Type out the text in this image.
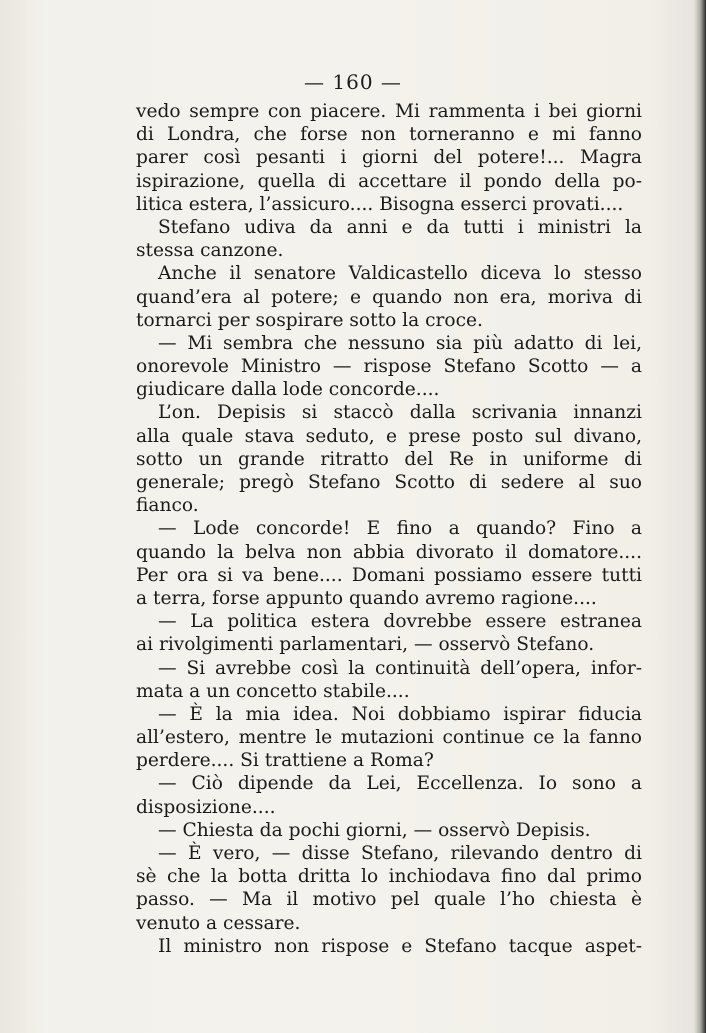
— 160 —
vedo sempre con piacere. Mi rammenta i bei giorni
di Londra, che forse non torneranno e mi fanno
parer così pesanti i giorni del potere!... Magra
ispirazione, quella di accettare il pondo della po-
litica estera, l’assicuro.... Bisogna esserci provati....
Stefano udiva da anni e da tutti i ministri la
stessa canzone.
Anche il senatore Valdicastello diceva lo stesso
quand’era al potere; e quando non era, moriva di
tornarci per sospirare sotto la croce.
— Mi sembra che nessuno sia più adatto di lei,
onorevole Ministro — rispose Stefano Scotto — a
giudicare dalla lode concorde....
L’on. Depisis si staccò dalla scrivania innanzi
alla quale stava seduto, e prese posto sul divano,
sotto un grande ritratto del Re in uniforme di
generale; pregò Stefano Scotto di sedere al suo
fianco.
— Lode concorde! E fino a quando? Fino a
quando la belva non abbia divorato il domatore....
Per ora si va bene.... Domani possiamo essere tutti
a terra, forse appunto quando avremo ragione....
— La politica estera dovrebbe essere estranea
ai rivolgimenti parlamentari, — osservò Stefano.
— Si avrebbe così la continuità dell’opera, infor-
mata a un concetto stabile....
— È la mia idea. Noi dobbiamo ispirar fiducia
all’estero, mentre le mutazioni continue ce la fanno
perdere.... Si trattiene a Roma?
— Ciò dipende da Lei, Eccellenza. Io sono a
disposizione....
— Chiesta da pochi giorni, — osservò Depisis.
— È vero, — disse Stefano, rilevando dentro di
sè che la botta dritta lo inchiodava fino dal primo
passo. — Ma il motivo pel quale l’ho chiesta è
venuto a cessare.
Il ministro non rispose e Stefano tacque aspet-
